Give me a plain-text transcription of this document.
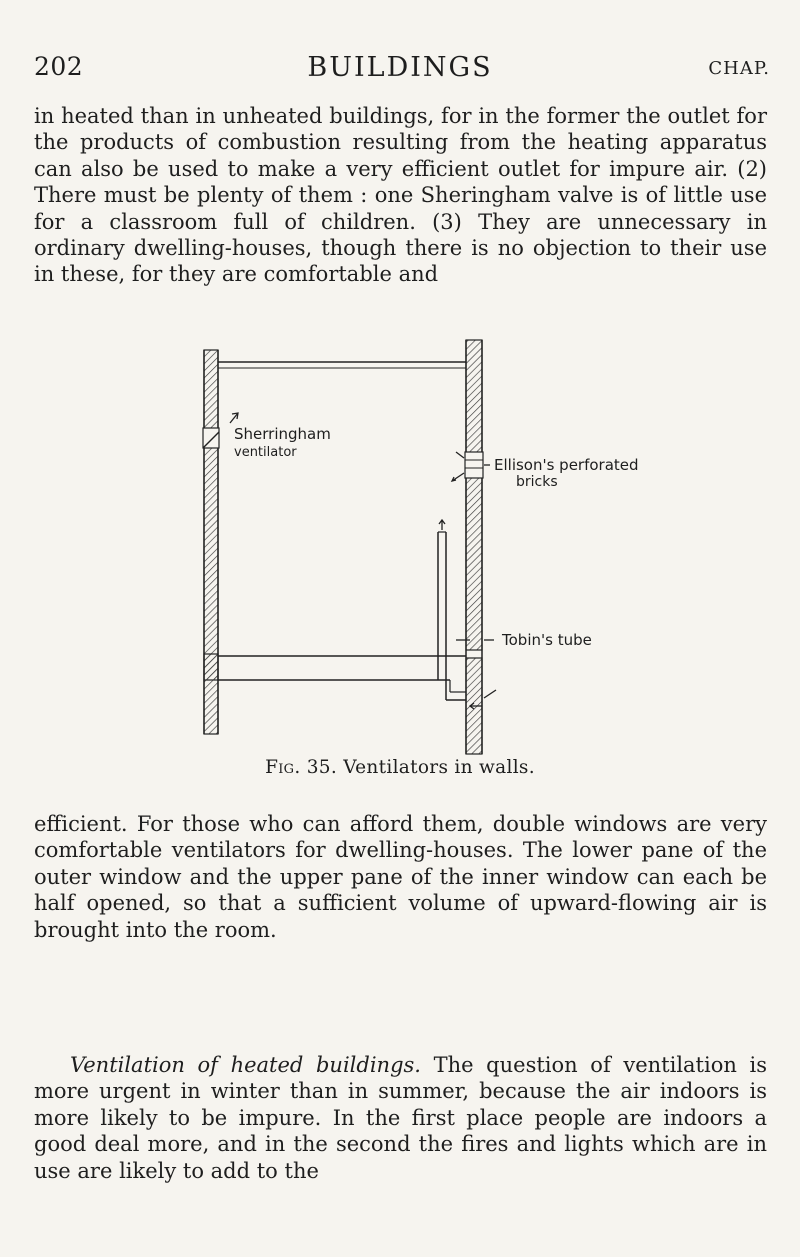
202	BUILDINGS	CHAP.

in heated than in unheated buildings, for in the former the outlet for the products of combustion resulting from the heating apparatus can also be used to make a very efficient outlet for impure air. (2) There must be plenty of them : one Sheringham valve is of little use for a classroom full of children. (3) They are unnecessary in ordinary dwelling-houses, though there is no objection to their use in these, for they are comfortable and

Sherringham
ventilator
Ellison's perforated
bricks
Tobin's tube
Fig. 35. Ventilators in walls.

efficient. For those who can afford them, double windows are very comfortable ventilators for dwelling-houses. The lower pane of the outer window and the upper pane of the inner window can each be half opened, so that a sufficient volume of upward-flowing air is brought into the room.

Ventilation of heated buildings. The question of ventilation is more urgent in winter than in summer, because the air indoors is more likely to be impure. In the first place people are indoors a good deal more, and in the second the fires and lights which are in use are likely to add to the
